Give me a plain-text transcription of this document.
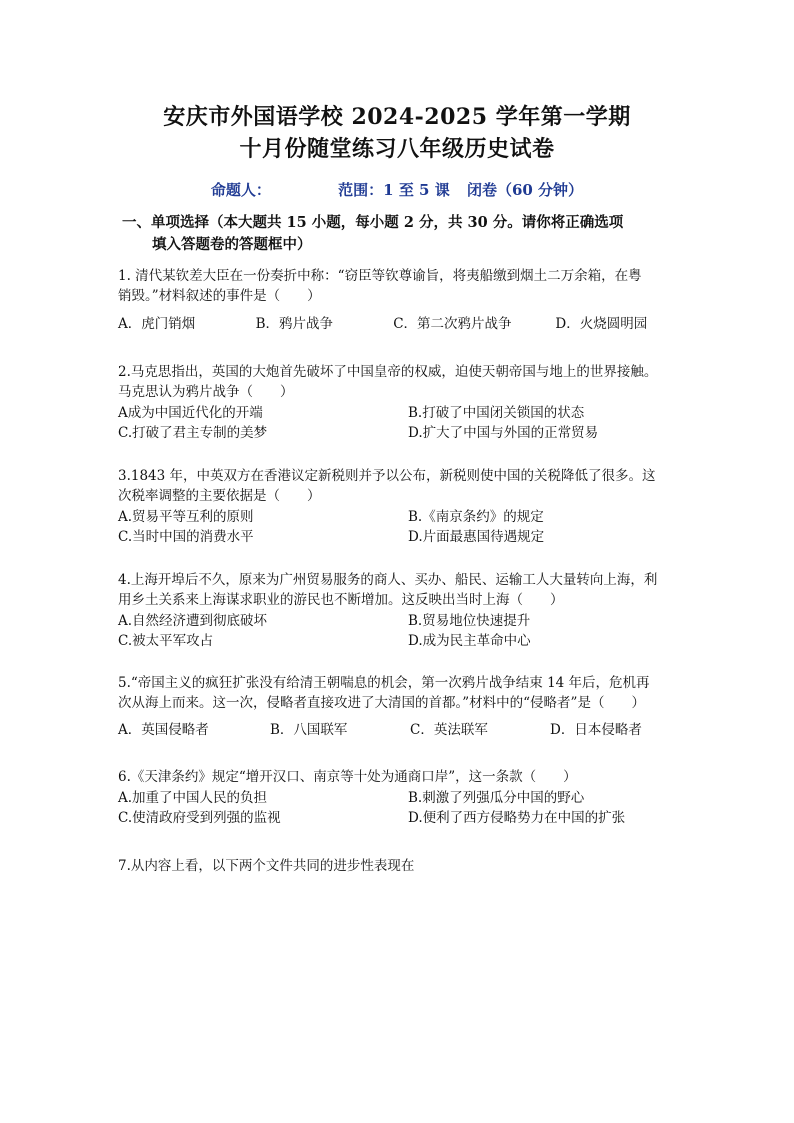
安庆市外国语学校 2024-2025 学年第一学期
十月份随堂练习八年级历史试卷
命题人：	范围：1 至 5 课 闭卷（60 分钟）
一、单项选择（本大题共 15 小题，每小题 2 分，共 30 分。请你将正确选项
填入答题卷的答题框中）
1. 清代某钦差大臣在一份奏折中称：“窃臣等钦尊谕旨，将夷船缴到烟土二万余箱，在粤
销毁。”材料叙述的事件是（　　）
A．虎门销烟	B．鸦片战争	C．第二次鸦片战争	D．火烧圆明园
2.马克思指出，英国的大炮首先破坏了中国皇帝的权威，迫使天朝帝国与地上的世界接触。
马克思认为鸦片战争（　　）
A成为中国近代化的开端	B.打破了中国闭关锁国的状态
C.打破了君主专制的美梦	D.扩大了中国与外国的正常贸易
3.1843 年，中英双方在香港议定新税则并予以公布，新税则使中国的关税降低了很多。这
次税率调整的主要依据是（　　）
A.贸易平等互利的原则	B.《南京条约》的规定
C.当时中国的消费水平	D.片面最惠国待遇规定
4.上海开埠后不久，原来为广州贸易服务的商人、买办、船民、运输工人大量转向上海，利
用乡土关系来上海谋求职业的游民也不断增加。这反映出当时上海（　　）
A.自然经济遭到彻底破坏	B.贸易地位快速提升
C.被太平军攻占	D.成为民主革命中心
5.“帝国主义的疯狂扩张没有给清王朝喘息的机会，第一次鸦片战争结束 14 年后，危机再
次从海上而来。这一次，侵略者直接攻进了大清国的首都。”材料中的“侵略者”是（　　）
A．英国侵略者	B．八国联军	C．英法联军	D．日本侵略者
6.《天津条约》规定“增开汉口、南京等十处为通商口岸”，这一条款（　　）
A.加重了中国人民的负担	B.刺激了列强瓜分中国的野心
C.使清政府受到列强的监视	D.便利了西方侵略势力在中国的扩张
7.从内容上看，以下两个文件共同的进步性表现在
